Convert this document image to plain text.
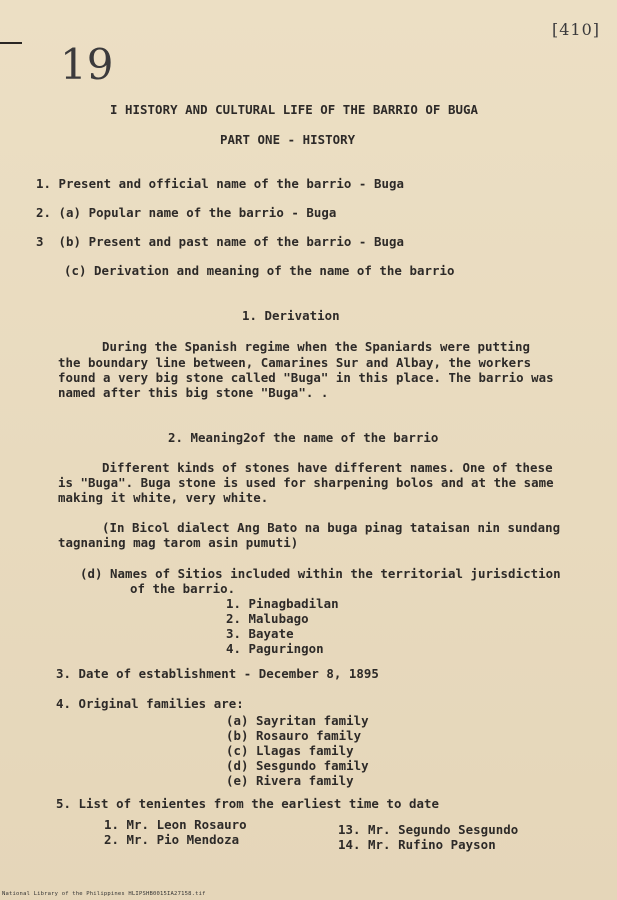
19
[410]
I HISTORY AND CULTURAL LIFE OF THE BARRIO OF BUGA
PART ONE - HISTORY
1. Present and official name of the barrio - Buga
2. (a) Popular name of the barrio - Buga
3  (b) Present and past name of the barrio - Buga
(c) Derivation and meaning of the name of the barrio
1. Derivation
During the Spanish regime when the Spaniards were putting
the boundary line between, Camarines Sur and Albay, the workers
found a very big stone called "Buga" in this place. The barrio was
named after this big stone "Buga". .
2. Meaning2of the name of the barrio
Different kinds of stones have different names. One of these
is "Buga". Buga stone is used for sharpening bolos and at the same
making it white, very white.
(In Bicol dialect Ang Bato na buga pinag tataisan nin sundang
tagnaning mag tarom asin pumuti)
(d) Names of Sitios included within the territorial jurisdiction
of the barrio.
1. Pinagbadilan
2. Malubago
3. Bayate
4. Paguringon
3. Date of establishment - December 8, 1895
4. Original families are:
(a) Sayritan family
(b) Rosauro family
(c) Llagas family
(d) Sesgundo family
(e) Rivera family
5. List of tenientes from the earliest time to date
1. Mr. Leon Rosauro
2. Mr. Pio Mendoza
13. Mr. Segundo Sesgundo
14. Mr. Rufino Payson
National Library of the Philippines HLIPSHB0015IA27158.tif
